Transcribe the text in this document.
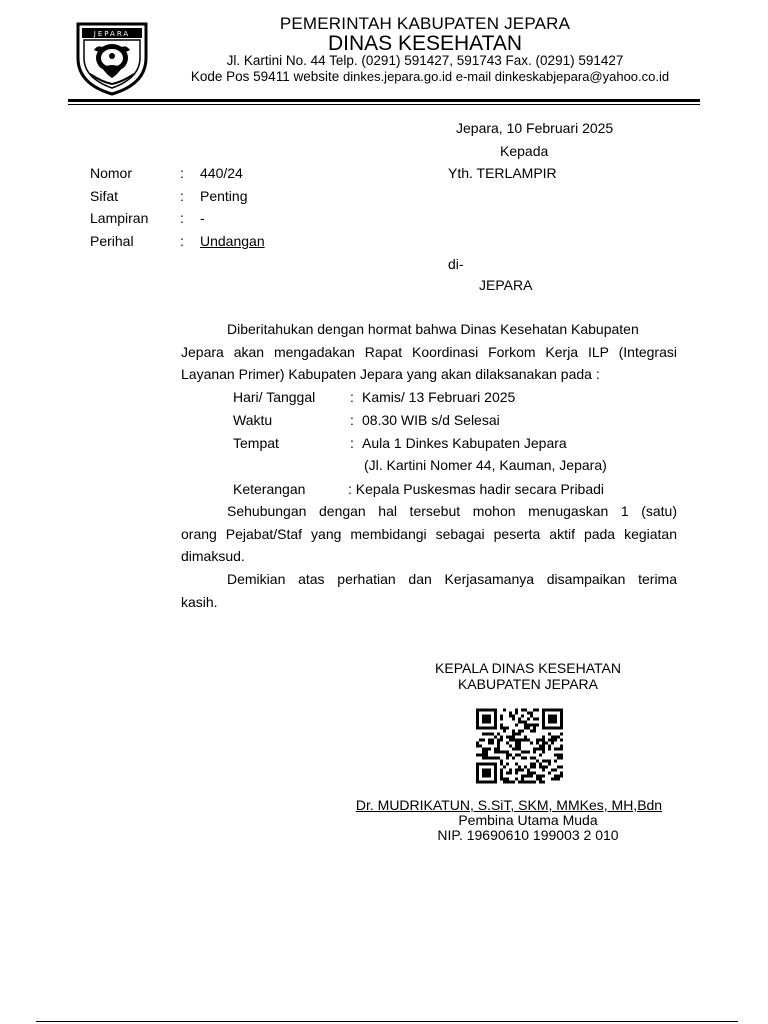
JEPARA
PEMERINTAH KABUPATEN JEPARA
DINAS KESEHATAN
Jl. Kartini No. 44 Telp. (0291) 591427, 591743 Fax. (0291) 591427
Kode Pos 59411 website dinkes.jepara.go.id e-mail dinkeskabjepara@yahoo.co.id
Jepara, 10 Februari 2025
Kepada
Yth. TERLAMPIR
di-
JEPARA
Nomor	: 440/24
Sifat	: Penting
Lampiran : -
Perihal	: Undangan
Diberitahukan dengan hormat bahwa Dinas Kesehatan Kabupaten
Jepara akan mengadakan Rapat Koordinasi Forkom Kerja ILP (Integrasi
Layanan Primer) Kabupaten Jepara yang akan dilaksanakan pada :
Hari/ Tanggal : Kamis/ 13 Februari 2025
Waktu	: 08.30 WIB s/d Selesai
Tempat	: Aula 1 Dinkes Kabupaten Jepara
(Jl. Kartini Nomer 44, Kauman, Jepara)
Keterangan	: Kepala Puskesmas hadir secara Pribadi
Sehubungan dengan hal tersebut mohon menugaskan 1 (satu)
orang Pejabat/Staf yang membidangi sebagai peserta aktif pada kegiatan
dimaksud.
Demikian atas perhatian dan Kerjasamanya disampaikan terima
kasih.
KEPALA DINAS KESEHATAN
KABUPATEN JEPARA
Dr. MUDRIKATUN, S.SiT, SKM, MMKes, MH,Bdn
Pembina Utama Muda
NIP. 19690610 199003 2 010
